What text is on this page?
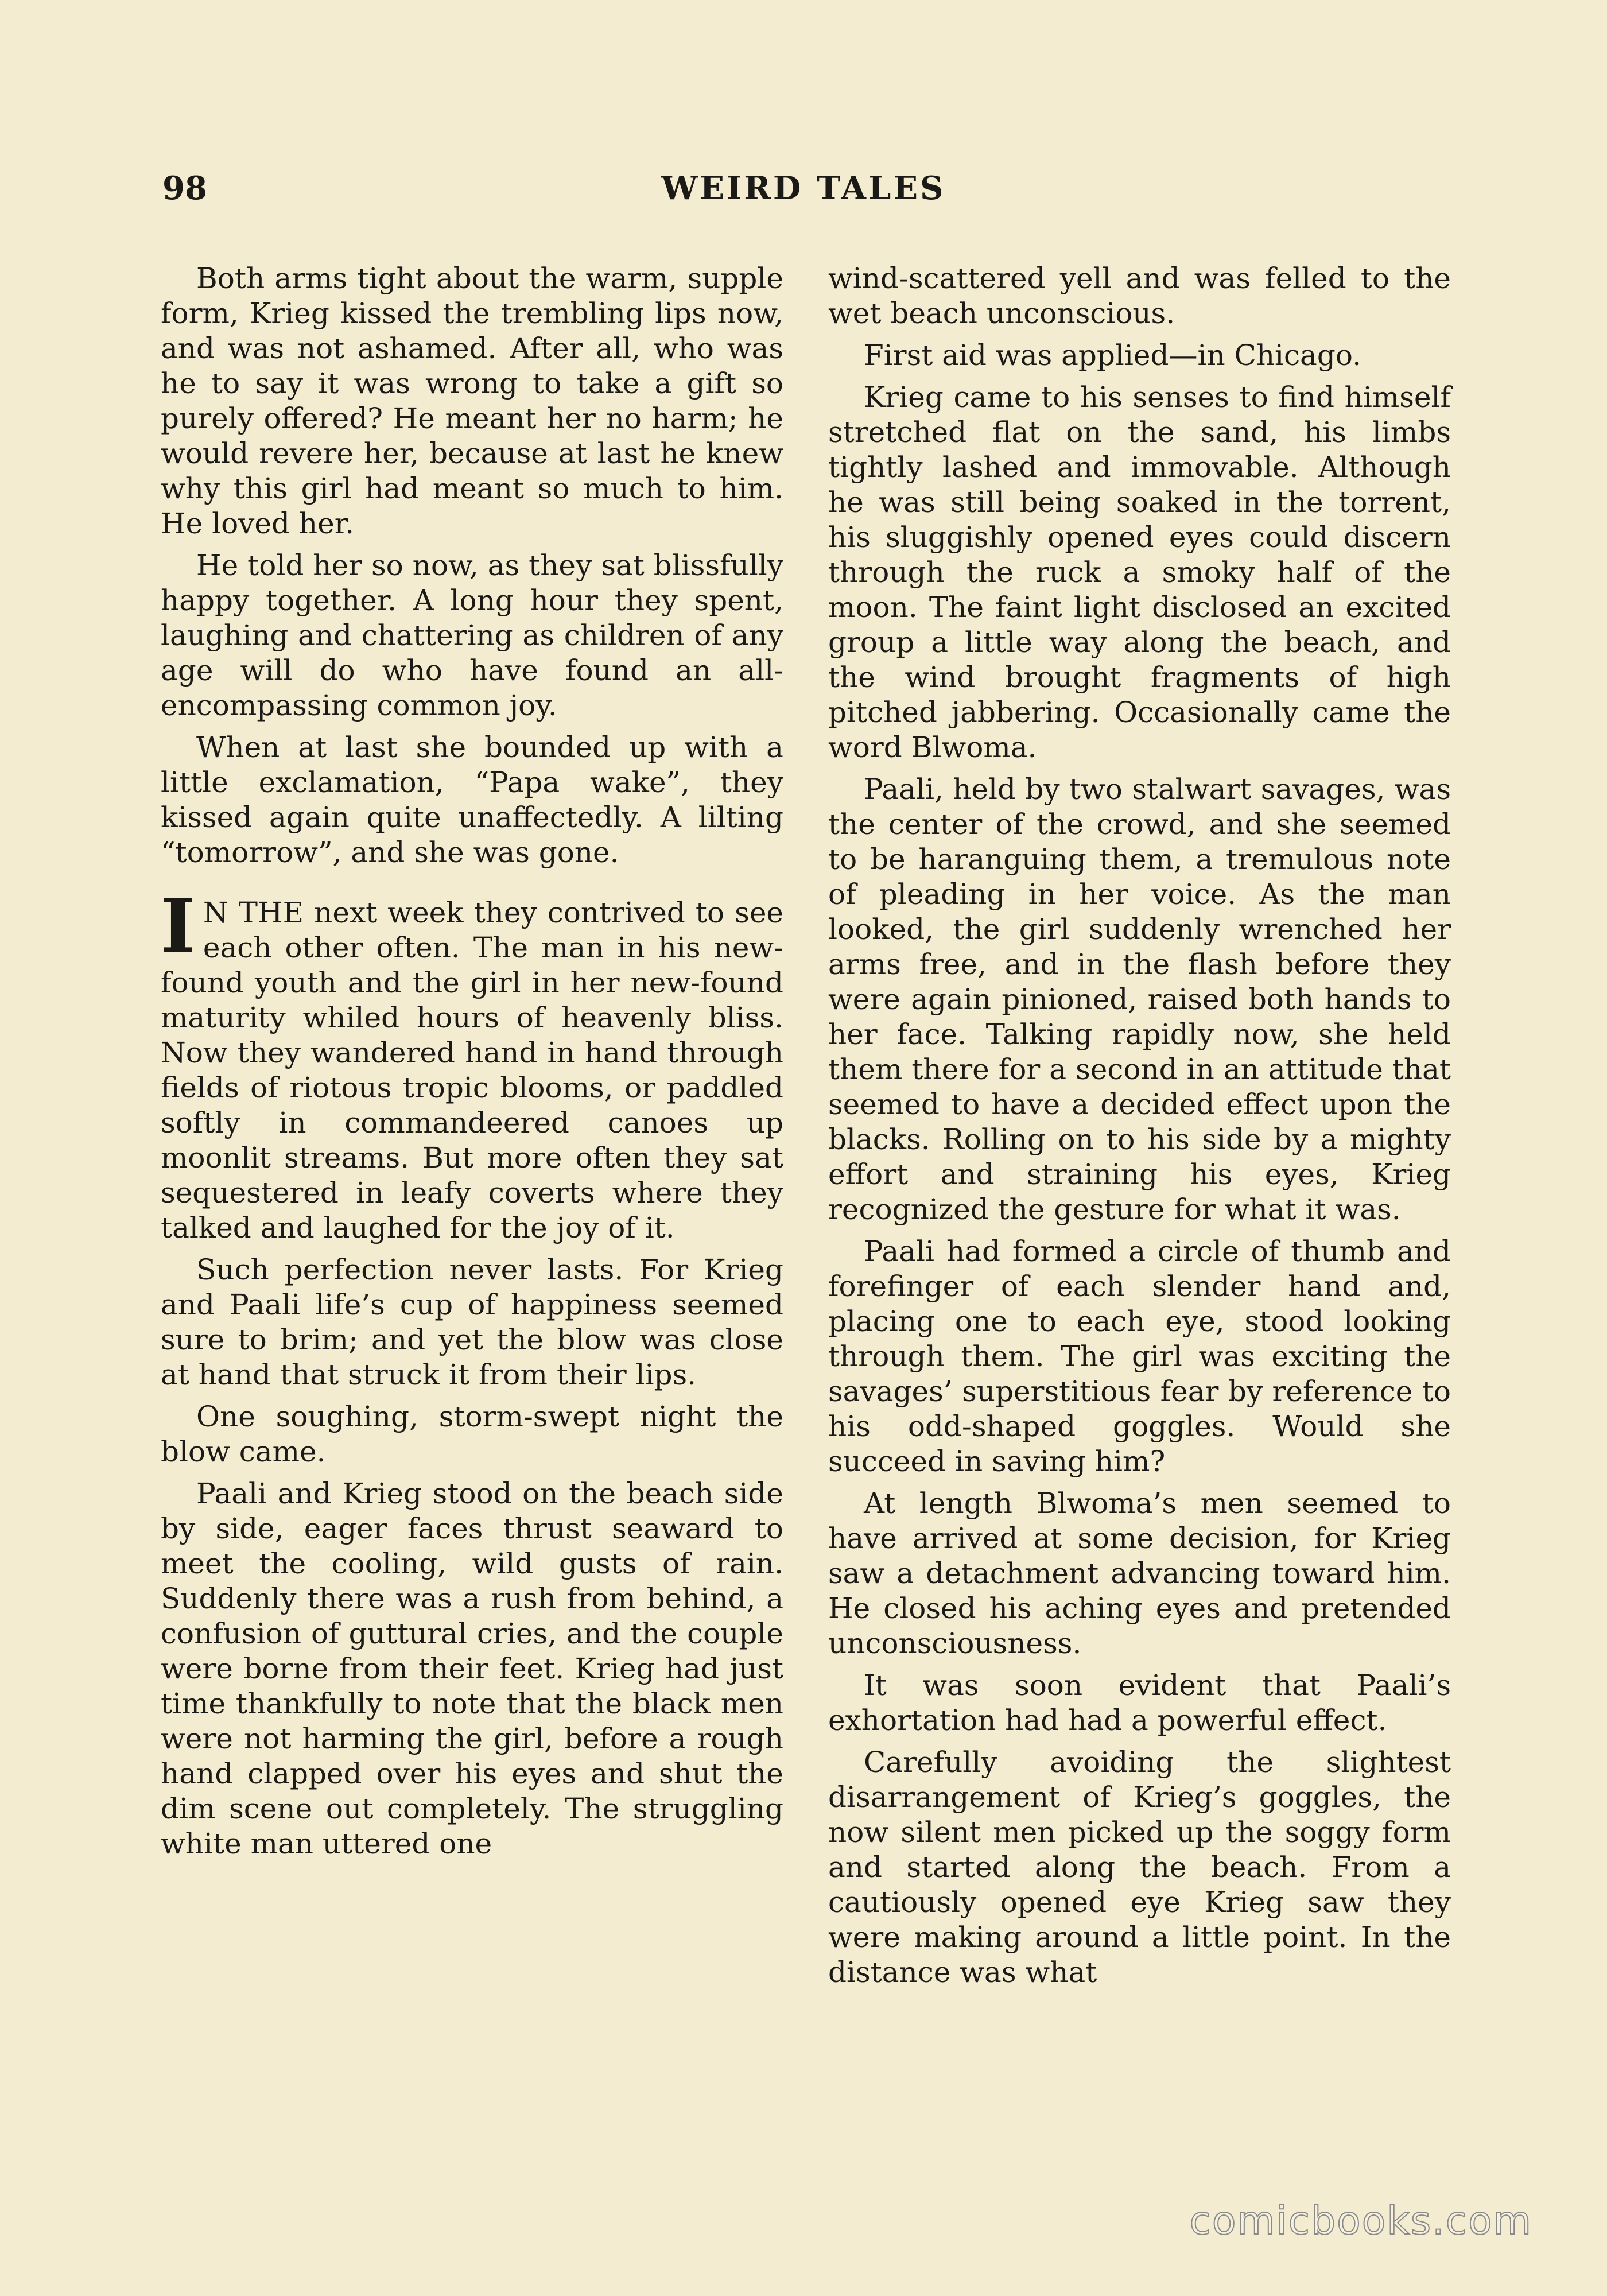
98	WEIRD TALES

Both arms tight about the warm, supple form, Krieg kissed the trembling lips now, and was not ashamed. After all, who was he to say it was wrong to take a gift so purely offered? He meant her no harm; he would revere her, because at last he knew why this girl had meant so much to him. He loved her.

He told her so now, as they sat blissfully happy together. A long hour they spent, laughing and chattering as children of any age will do who have found an all-encompassing common joy.

When at last she bounded up with a little exclamation, “Papa wake”, they kissed again quite unaffectedly. A lilting “tomorrow”, and she was gone.

I N THE next week they contrived to see each other often. The man in his new-found youth and the girl in her new-found maturity whiled hours of heavenly bliss. Now they wandered hand in hand through fields of riotous tropic blooms, or paddled softly in commandeered canoes up moonlit streams. But more often they sat sequestered in leafy coverts where they talked and laughed for the joy of it.

Such perfection never lasts. For Krieg and Paali life’s cup of happiness seemed sure to brim; and yet the blow was close at hand that struck it from their lips.

One soughing, storm-swept night the blow came.

Paali and Krieg stood on the beach side by side, eager faces thrust seaward to meet the cooling, wild gusts of rain. Suddenly there was a rush from behind, a confusion of guttural cries, and the couple were borne from their feet. Krieg had just time thankfully to note that the black men were not harming the girl, before a rough hand clapped over his eyes and shut the dim scene out completely. The struggling white man uttered one

wind-scattered yell and was felled to the wet beach unconscious.

First aid was applied—in Chicago.

Krieg came to his senses to find himself stretched flat on the sand, his limbs tightly lashed and immovable. Although he was still being soaked in the torrent, his sluggishly opened eyes could discern through the ruck a smoky half of the moon. The faint light disclosed an excited group a little way along the beach, and the wind brought fragments of high pitched jabbering. Occasionally came the word Blwoma.

Paali, held by two stalwart savages, was the center of the crowd, and she seemed to be haranguing them, a tremulous note of pleading in her voice. As the man looked, the girl suddenly wrenched her arms free, and in the flash before they were again pinioned, raised both hands to her face. Talking rapidly now, she held them there for a second in an attitude that seemed to have a decided effect upon the blacks. Rolling on to his side by a mighty effort and straining his eyes, Krieg recognized the gesture for what it was.

Paali had formed a circle of thumb and forefinger of each slender hand and, placing one to each eye, stood looking through them. The girl was exciting the savages’ superstitious fear by reference to his odd-shaped goggles. Would she succeed in saving him?

At length Blwoma’s men seemed to have arrived at some decision, for Krieg saw a detachment advancing toward him. He closed his aching eyes and pretended unconsciousness.

It was soon evident that Paali’s exhortation had had a powerful effect.

Carefully avoiding the slightest disarrangement of Krieg’s goggles, the now silent men picked up the soggy form and started along the beach. From a cautiously opened eye Krieg saw they were making around a little point. In the distance was what

comicbooks.com
